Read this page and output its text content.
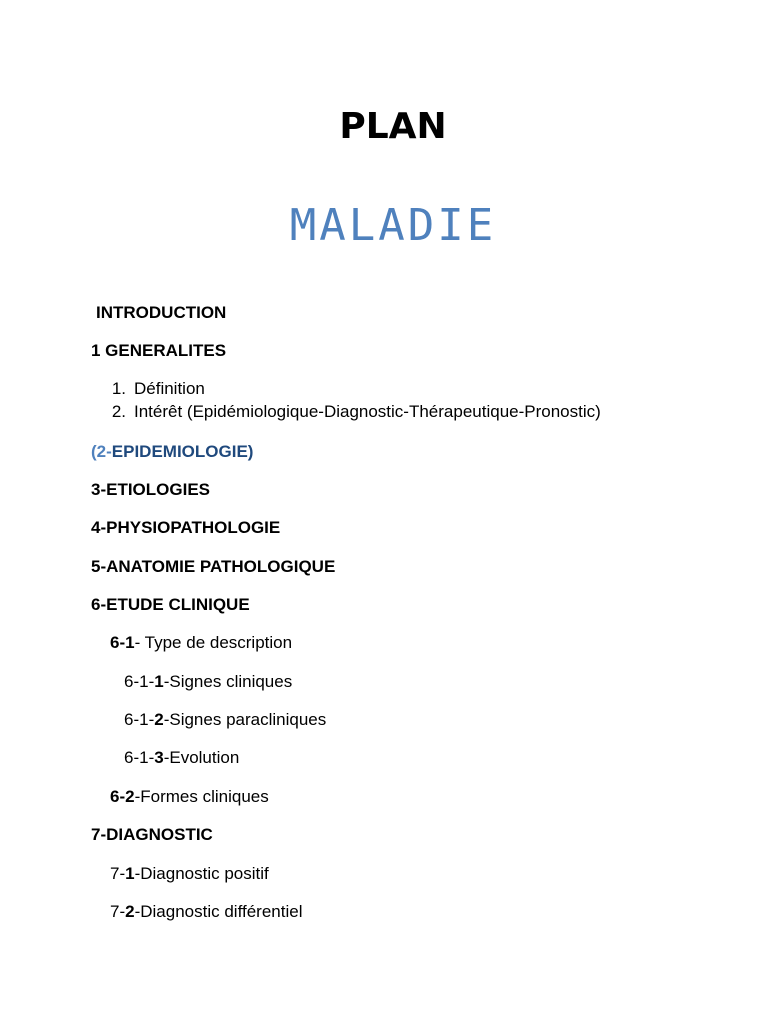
PLAN
MALADIE
INTRODUCTION
1 GENERALITES
1. Définition
2. Intérêt (Epidémiologique-Diagnostic-Thérapeutique-Pronostic)
(2-EPIDEMIOLOGIE)
3-ETIOLOGIES
4-PHYSIOPATHOLOGIE
5-ANATOMIE PATHOLOGIQUE
6-ETUDE CLINIQUE
6-1- Type de description
6-1-1-Signes cliniques
6-1-2-Signes paracliniques
6-1-3-Evolution
6-2-Formes cliniques
7-DIAGNOSTIC
7-1-Diagnostic positif
7-2-Diagnostic différentiel
